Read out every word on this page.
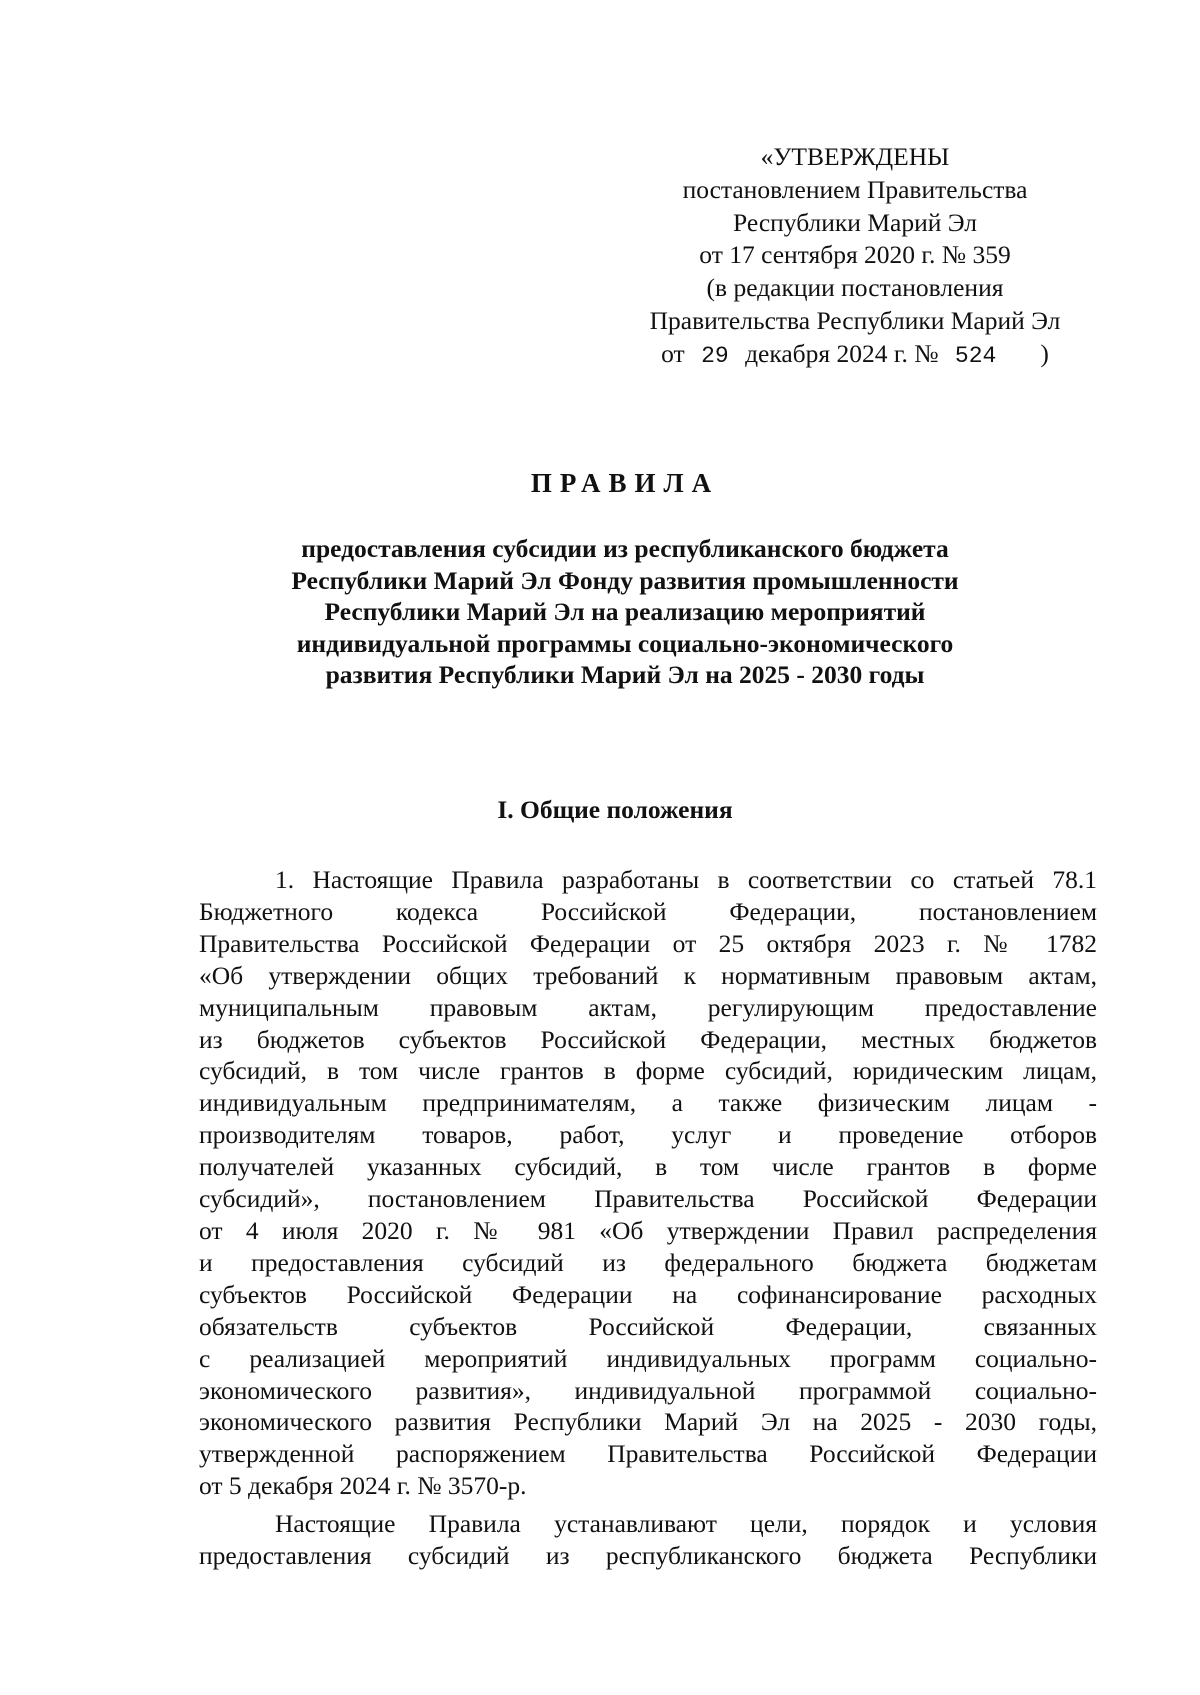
«УТВЕРЖДЕНЫ
постановлением Правительства
Республики Марий Эл
от 17 сентября 2020 г. № 359
(в редакции постановления
Правительства Республики Марий Эл
от 29 декабря 2024 г. № 524 )
ПРАВИЛА
предоставления субсидии из республиканского бюджета
Республики Марий Эл Фонду развития промышленности
Республики Марий Эл на реализацию мероприятий
индивидуальной программы социально-экономического
развития Республики Марий Эл на 2025 - 2030 годы
I. Общие положения
1. Настоящие Правила разработаны в соответствии со статьей 78.1
Бюджетного кодекса Российской Федерации, постановлением
Правительства Российской Федерации от 25 октября 2023 г. № 1782
«Об утверждении общих требований к нормативным правовым актам,
муниципальным правовым актам, регулирующим предоставление
из бюджетов субъектов Российской Федерации, местных бюджетов
субсидий, в том числе грантов в форме субсидий, юридическим лицам,
индивидуальным предпринимателям, а также физическим лицам -
производителям товаров, работ, услуг и проведение отборов
получателей указанных субсидий, в том числе грантов в форме
субсидий», постановлением Правительства Российской Федерации
от 4 июля 2020 г. № 981 «Об утверждении Правил распределения
и предоставления субсидий из федерального бюджета бюджетам
субъектов Российской Федерации на софинансирование расходных
обязательств субъектов Российской Федерации, связанных
с реализацией мероприятий индивидуальных программ социально-
экономического развития», индивидуальной программой социально-
экономического развития Республики Марий Эл на 2025 - 2030 годы,
утвержденной распоряжением Правительства Российской Федерации
от 5 декабря 2024 г. № 3570-р.
Настоящие Правила устанавливают цели, порядок и условия
предоставления субсидий из республиканского бюджета Республики
